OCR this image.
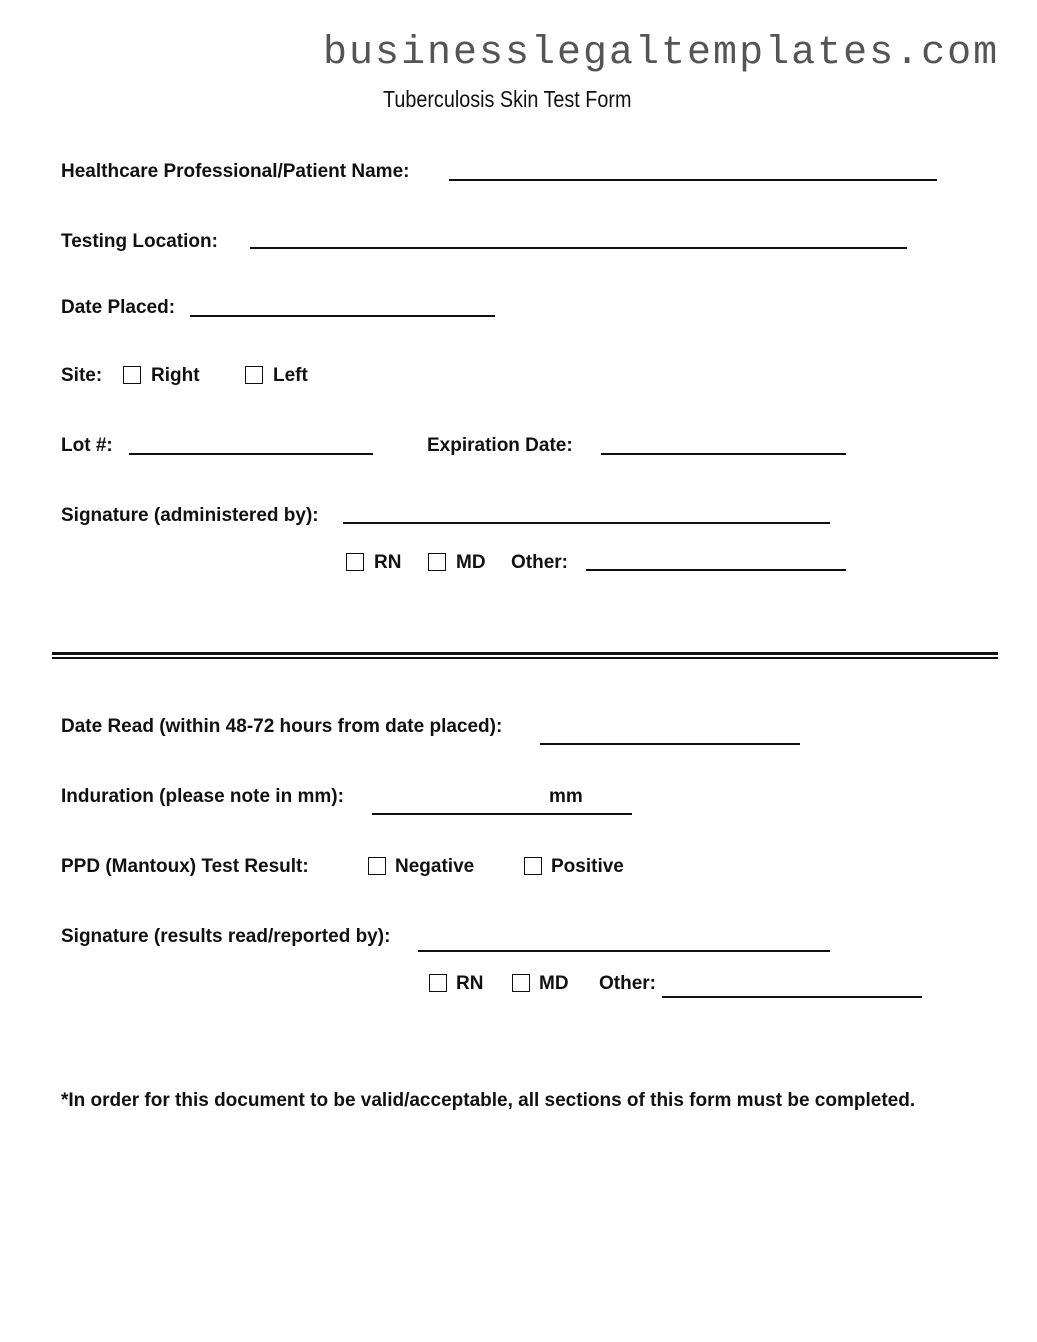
businesslegaltemplates.com
Tuberculosis Skin Test Form
Healthcare Professional/Patient Name:
Testing Location:
Date Placed:
Site:	Right	Left
Lot #:	Expiration Date:
Signature (administered by):
RN	MD Other:
Date Read (within 48-72 hours from date placed):
Induration (please note in mm):	mm
PPD (Mantoux) Test Result:	Negative	Positive
Signature (results read/reported by):
RN	MD Other:
*In order for this document to be valid/acceptable, all sections of this form must be completed.
